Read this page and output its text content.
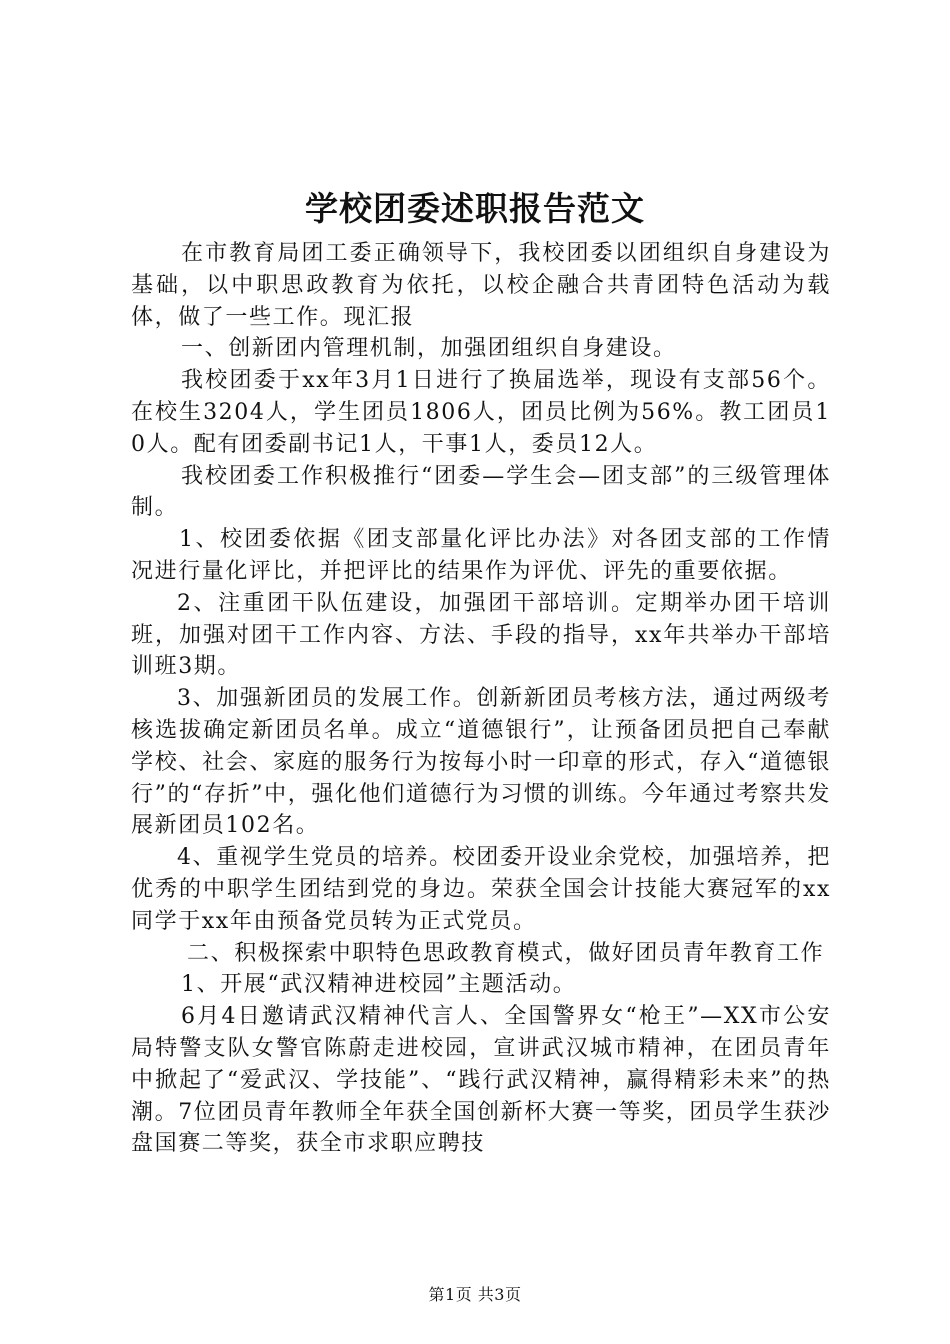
学校团委述职报告范文

在市教育局团工委正确领导下，我校团委以团组织自身建设为基础，以中职思政教育为依托，以校企融合共青团特色活动为载体，做了一些工作。现汇报

一、创新团内管理机制，加强团组织自身建设。

我校团委于xx年3月1日进行了换届选举，现设有支部56个。在校生3204人，学生团员1806人，团员比例为56%。教工团员10人。配有团委副书记1人，干事1人，委员12人。

我校团委工作积极推行“团委—学生会—团支部”的三级管理体制。

1、校团委依据《团支部量化评比办法》对各团支部的工作情况进行量化评比，并把评比的结果作为评优、评先的重要依据。

2、注重团干队伍建设，加强团干部培训。定期举办团干培训班，加强对团干工作内容、方法、手段的指导，xx年共举办干部培训班3期。

3、加强新团员的发展工作。创新新团员考核方法，通过两级考核选拔确定新团员名单。成立“道德银行”，让预备团员把自己奉献学校、社会、家庭的服务行为按每小时一印章的形式，存入“道德银行”的“存折”中，强化他们道德行为习惯的训练。今年通过考察共发展新团员102名。

4、重视学生党员的培养。校团委开设业余党校，加强培养，把优秀的中职学生团结到党的身边。荣获全国会计技能大赛冠军的xx同学于xx年由预备党员转为正式党员。

二、积极探索中职特色思政教育模式，做好团员青年教育工作

1、开展“武汉精神进校园”主题活动。

6月4日邀请武汉精神代言人、全国警界女“枪王”—XX市公安局特警支队女警官陈蔚走进校园，宣讲武汉城市精神，在团员青年中掀起了“爱武汉、学技能”、“践行武汉精神，赢得精彩未来”的热潮。7位团员青年教师全年获全国创新杯大赛一等奖，团员学生获沙盘国赛二等奖，获全市求职应聘技

第1页 共3页
